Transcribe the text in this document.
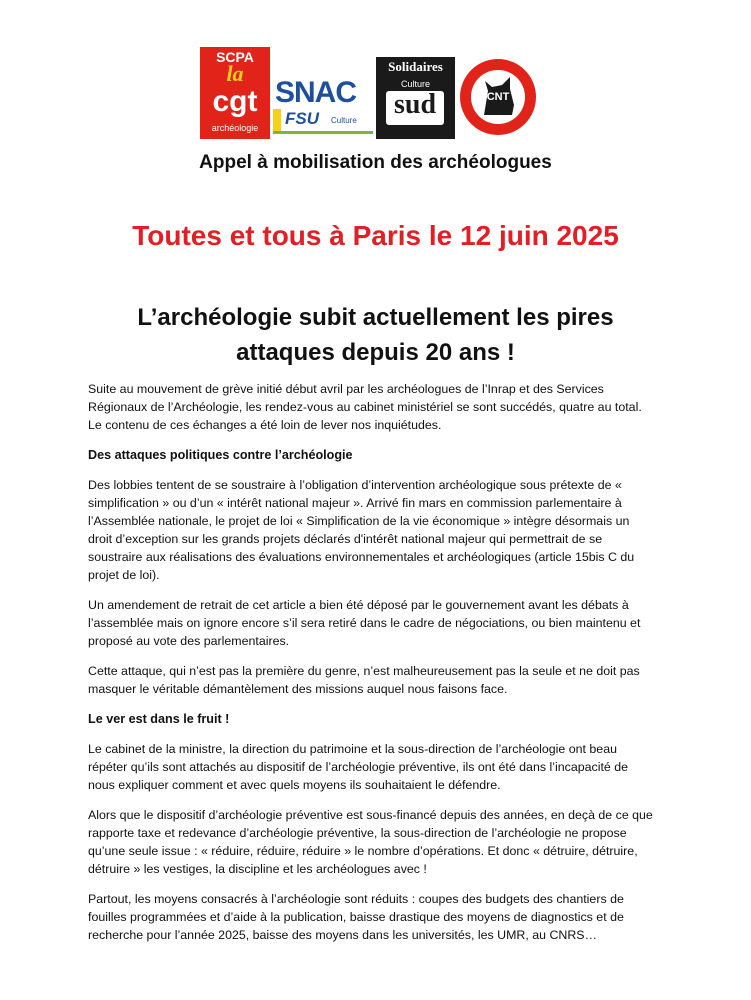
SCPA
la
cgt
archéologie
SNAC
FSU Culture
Solidaires
Culture
sud	CNT
Appel à mobilisation des archéologues
Toutes et tous à Paris le 12 juin 2025
L’archéologie subit actuellement les pires
attaques depuis 20 ans !

Suite au mouvement de grève initié début avril par les archéologues de l’Inrap et des Services Régionaux de l’Archéologie, les rendez-vous au cabinet ministériel se sont succédés, quatre au total. Le contenu de ces échanges a été loin de lever nos inquiétudes.

Des attaques politiques contre l’archéologie

Des lobbies tentent de se soustraire à l’obligation d’intervention archéologique sous prétexte de « simplification » ou d’un « intérêt national majeur ». Arrivé fin mars en commission parlementaire à l’Assemblée nationale, le projet de loi « Simplification de la vie économique » intègre désormais un droit d’exception sur les grands projets déclarés d'intérêt national majeur qui permettrait de se soustraire aux réalisations des évaluations environnementales et archéologiques (article 15bis C du projet de loi).

Un amendement de retrait de cet article a bien été déposé par le gouvernement avant les débats à l’assemblée mais on ignore encore s’il sera retiré dans le cadre de négociations, ou bien maintenu et proposé au vote des parlementaires.

Cette attaque, qui n’est pas la première du genre, n’est malheureusement pas la seule et ne doit pas masquer le véritable démantèlement des missions auquel nous faisons face.

Le ver est dans le fruit !

Le cabinet de la ministre, la direction du patrimoine et la sous-direction de l’archéologie ont beau répéter qu’ils sont attachés au dispositif de l’archéologie préventive, ils ont été dans l’incapacité de nous expliquer comment et avec quels moyens ils souhaitaient le défendre.

Alors que le dispositif d’archéologie préventive est sous-financé depuis des années, en deçà de ce que rapporte taxe et redevance d’archéologie préventive, la sous-direction de l’archéologie ne propose qu’une seule issue : « réduire, réduire, réduire » le nombre d’opérations. Et donc « détruire, détruire, détruire » les vestiges, la discipline et les archéologues avec !

Partout, les moyens consacrés à l’archéologie sont réduits : coupes des budgets des chantiers de fouilles programmées et d’aide à la publication, baisse drastique des moyens de diagnostics et de recherche pour l’année 2025, baisse des moyens dans les universités, les UMR, au CNRS…
